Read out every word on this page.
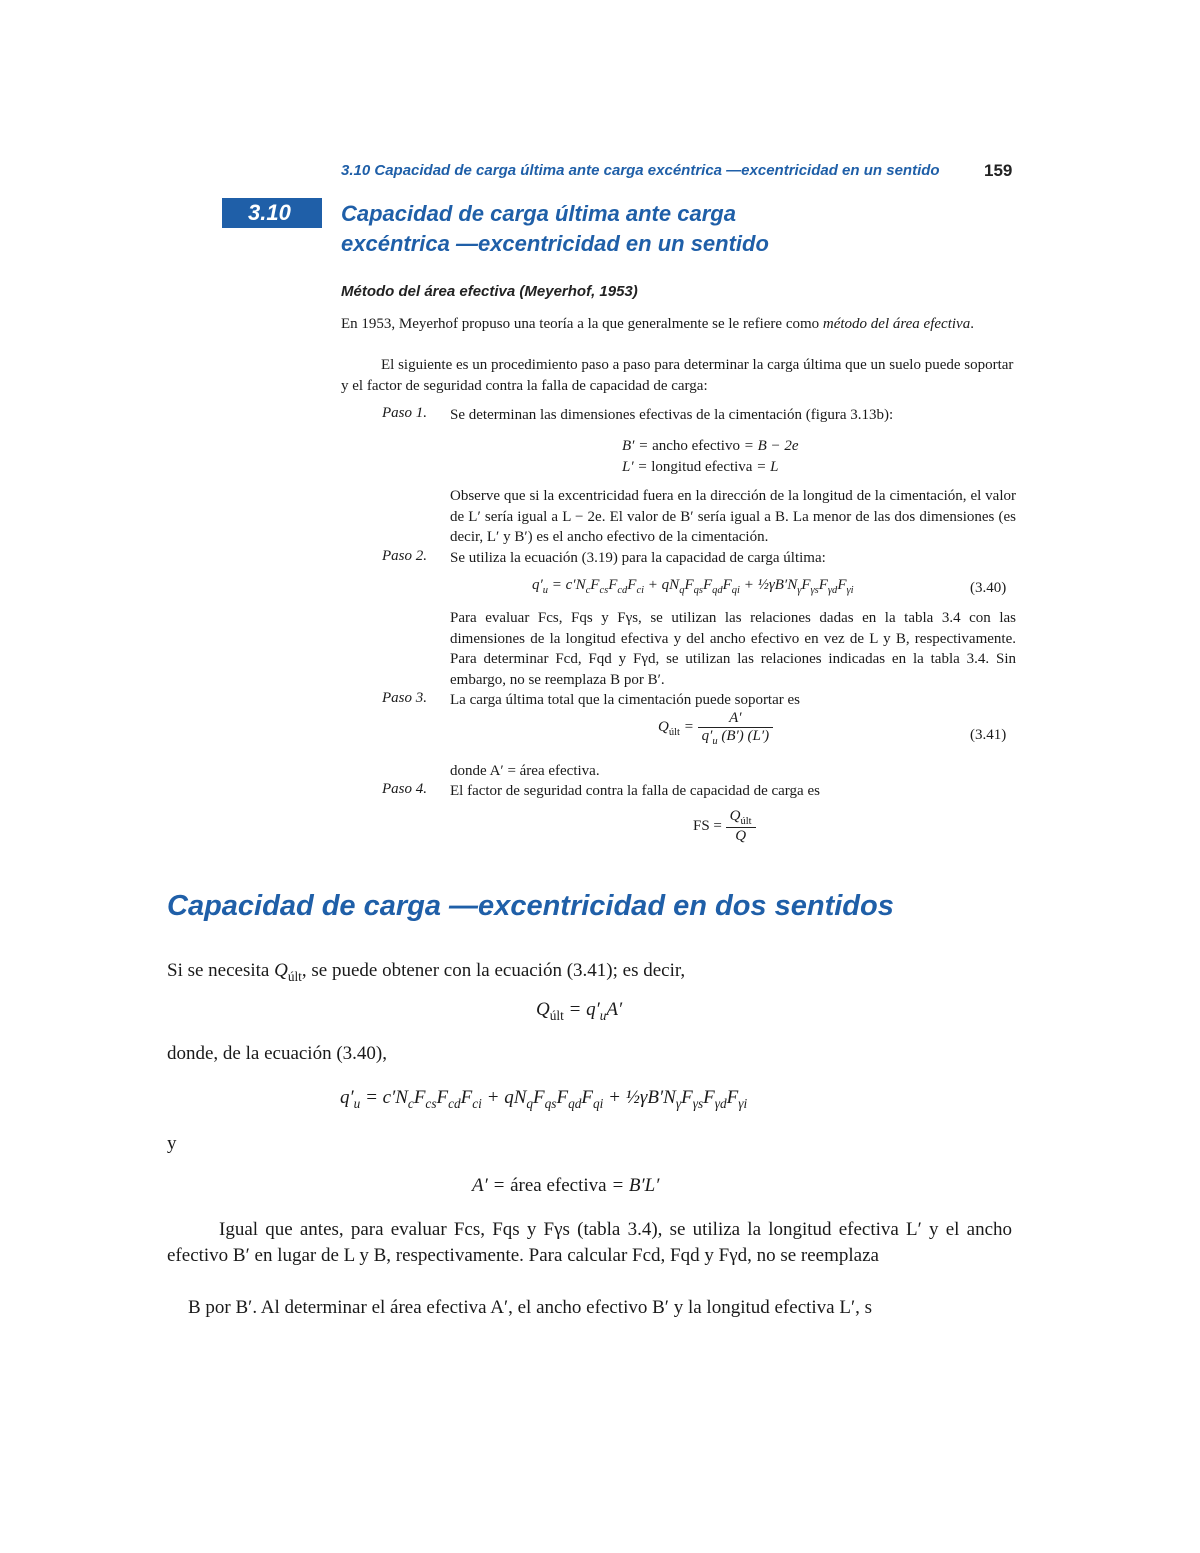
3.10 Capacidad de carga última ante carga excéntrica —excentricidad en un sentido	159
3.10	Capacidad de carga última ante carga
excéntrica —excentricidad en un sentido
Método del área efectiva (Meyerhof, 1953)
En 1953, Meyerhof propuso una teoría a la que generalmente se le refiere como método del área efectiva.
El siguiente es un procedimiento paso a paso para determinar la carga última que un suelo puede soportar y el factor de seguridad contra la falla de capacidad de carga:
Paso 1. Se determinan las dimensiones efectivas de la cimentación (figura 3.13b):
B′ = ancho efectivo = B − 2e
L′ = longitud efectiva = L
Observe que si la excentricidad fuera en la dirección de la longitud de la cimentación, el valor de L′ sería igual a L − 2e. El valor de B′ sería igual a B. La menor de las dos dimensiones (es decir, L′ y B′) es el ancho efectivo de la cimentación.
Paso 2. Se utiliza la ecuación (3.19) para la capacidad de carga última:
$q'_u = c'N_cF_{cs}F_{cd}F_{ci} + qN_qF_{qs}F_{qd}F_{qi}$ + $\frac{1}{2}\gamma B'N_\gamma F_{\gamma s}F_{\gamma d}F_{\gamma i}$	(3.40)
Para evaluar Fcs, Fqs y Fγs, se utilizan las relaciones dadas en la tabla 3.4 con las dimensiones de la longitud efectiva y del ancho efectivo en vez de L y B, respectivamente. Para determinar Fcd, Fqd y Fγd, se utilizan las relaciones indicadas en la tabla 3.4. Sin embargo, no se reemplaza B por B′.
Paso 3. La carga última total que la cimentación puede soportar es
$Q_{últ} = \frac{A'}{q'_u (B') (L')}$	(3.41)
donde A′ = área efectiva.
Paso 4. El factor de seguridad contra la falla de capacidad de carga es
FS = $\frac{Q_{últ}}{Q}$
Capacidad de carga —excentricidad en dos sentidos
Si se necesita $Q_{últ}$, se puede obtener con la ecuación (3.41); es decir,
$Q_{últ} = q'_uA'$
donde, de la ecuación (3.40),
$q'_u = c'N_cF_{cs}F_{cd}F_{ci} + qN_qF_{qs}F_{qd}F_{qi}$ + $\frac{1}{2}\gamma B'N_\gamma F_{\gamma s}F_{\gamma d}F_{\gamma i}$
y
A′ = área efectiva = B′L′
Igual que antes, para evaluar Fcs, Fqs y Fγs (tabla 3.4), se utiliza la longitud efectiva L′ y el ancho efectivo B′ en lugar de L y B, respectivamente. Para calcular Fcd, Fqd y Fγd, no se reemplaza
B por B′. Al determinar el área efectiva A′, el ancho efectivo B′ y la longitud efectiva L′, s
